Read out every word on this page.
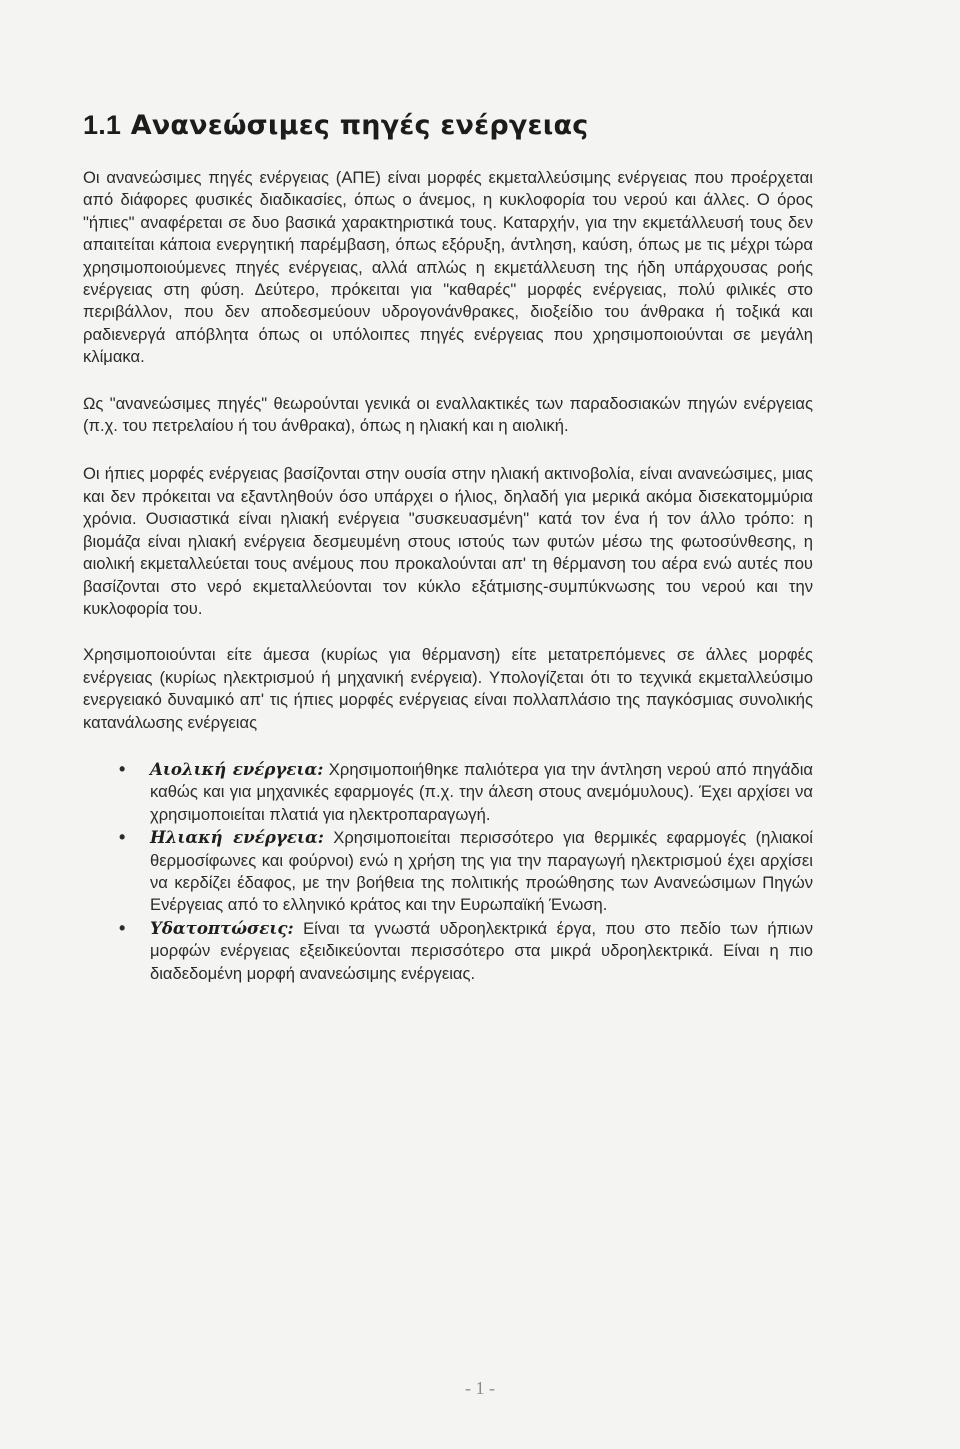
1.1 Ανανεώσιμες πηγές ενέργειας

Οι ανανεώσιμες πηγές ενέργειας (ΑΠΕ) είναι μορφές εκμεταλλεύσιμης ενέργειας που προέρχεται από διάφορες φυσικές διαδικασίες, όπως ο άνεμος, η κυκλοφορία του νερού και άλλες. Ο όρος "ήπιες" αναφέρεται σε δυο βασικά χαρακτηριστικά τους. Καταρχήν, για την εκμετάλλευσή τους δεν απαιτείται κάποια ενεργητική παρέμβαση, όπως εξόρυξη, άντληση, καύση, όπως με τις μέχρι τώρα χρησιμοποιούμενες πηγές ενέργειας, αλλά απλώς η εκμετάλλευση της ήδη υπάρχουσας ροής ενέργειας στη φύση. Δεύτερο, πρόκειται για "καθαρές" μορφές ενέργειας, πολύ φιλικές στο περιβάλλον, που δεν αποδεσμεύουν υδρογονάνθρακες, διοξείδιο του άνθρακα ή τοξικά και ραδιενεργά απόβλητα όπως οι υπόλοιπες πηγές ενέργειας που χρησιμοποιούνται σε μεγάλη κλίμακα.

Ως "ανανεώσιμες πηγές" θεωρούνται γενικά οι εναλλακτικές των παραδοσιακών πηγών ενέργειας (π.χ. του πετρελαίου ή του άνθρακα), όπως η ηλιακή και η αιολική.

Οι ήπιες μορφές ενέργειας βασίζονται στην ουσία στην ηλιακή ακτινοβολία, είναι ανανεώσιμες, μιας και δεν πρόκειται να εξαντληθούν όσο υπάρχει ο ήλιος, δηλαδή για μερικά ακόμα δισεκατομμύρια χρόνια. Ουσιαστικά είναι ηλιακή ενέργεια "συσκευασμένη" κατά τον ένα ή τον άλλο τρόπο: η βιομάζα είναι ηλιακή ενέργεια δεσμευμένη στους ιστούς των φυτών μέσω της φωτοσύνθεσης, η αιολική εκμεταλλεύεται τους ανέμους που προκαλούνται απ' τη θέρμανση του αέρα ενώ αυτές που βασίζονται στο νερό εκμεταλλεύονται τον κύκλο εξάτμισης-συμπύκνωσης του νερού και την κυκλοφορία του.

Χρησιμοποιούνται είτε άμεσα (κυρίως για θέρμανση) είτε μετατρεπόμενες σε άλλες μορφές ενέργειας (κυρίως ηλεκτρισμού ή μηχανική ενέργεια). Υπολογίζεται ότι το τεχνικά εκμεταλλεύσιμο ενεργειακό δυναμικό απ' τις ήπιες μορφές ενέργειας είναι πολλαπλάσιο της παγκόσμιας συνολικής κατανάλωσης ενέργειας

• Αιολική ενέργεια: Χρησιμοποιήθηκε παλιότερα για την άντληση νερού από πηγάδια καθώς και για μηχανικές εφαρμογές (π.χ. την άλεση στους ανεμόμυλους). Έχει αρχίσει να χρησιμοποιείται πλατιά για ηλεκτροπαραγωγή.
• Ηλιακή ενέργεια: Χρησιμοποιείται περισσότερο για θερμικές εφαρμογές (ηλιακοί θερμοσίφωνες και φούρνοι) ενώ η χρήση της για την παραγωγή ηλεκτρισμού έχει αρχίσει να κερδίζει έδαφος, με την βοήθεια της πολιτικής προώθησης των Ανανεώσιμων Πηγών Ενέργειας από το ελληνικό κράτος και την Ευρωπαϊκή Ένωση.
• Υδατοπτώσεις: Είναι τα γνωστά υδροηλεκτρικά έργα, που στο πεδίο των ήπιων μορφών ενέργειας εξειδικεύονται περισσότερο στα μικρά υδροηλεκτρικά. Είναι η πιο διαδεδομένη μορφή ανανεώσιμης ενέργειας.
- 1 -
